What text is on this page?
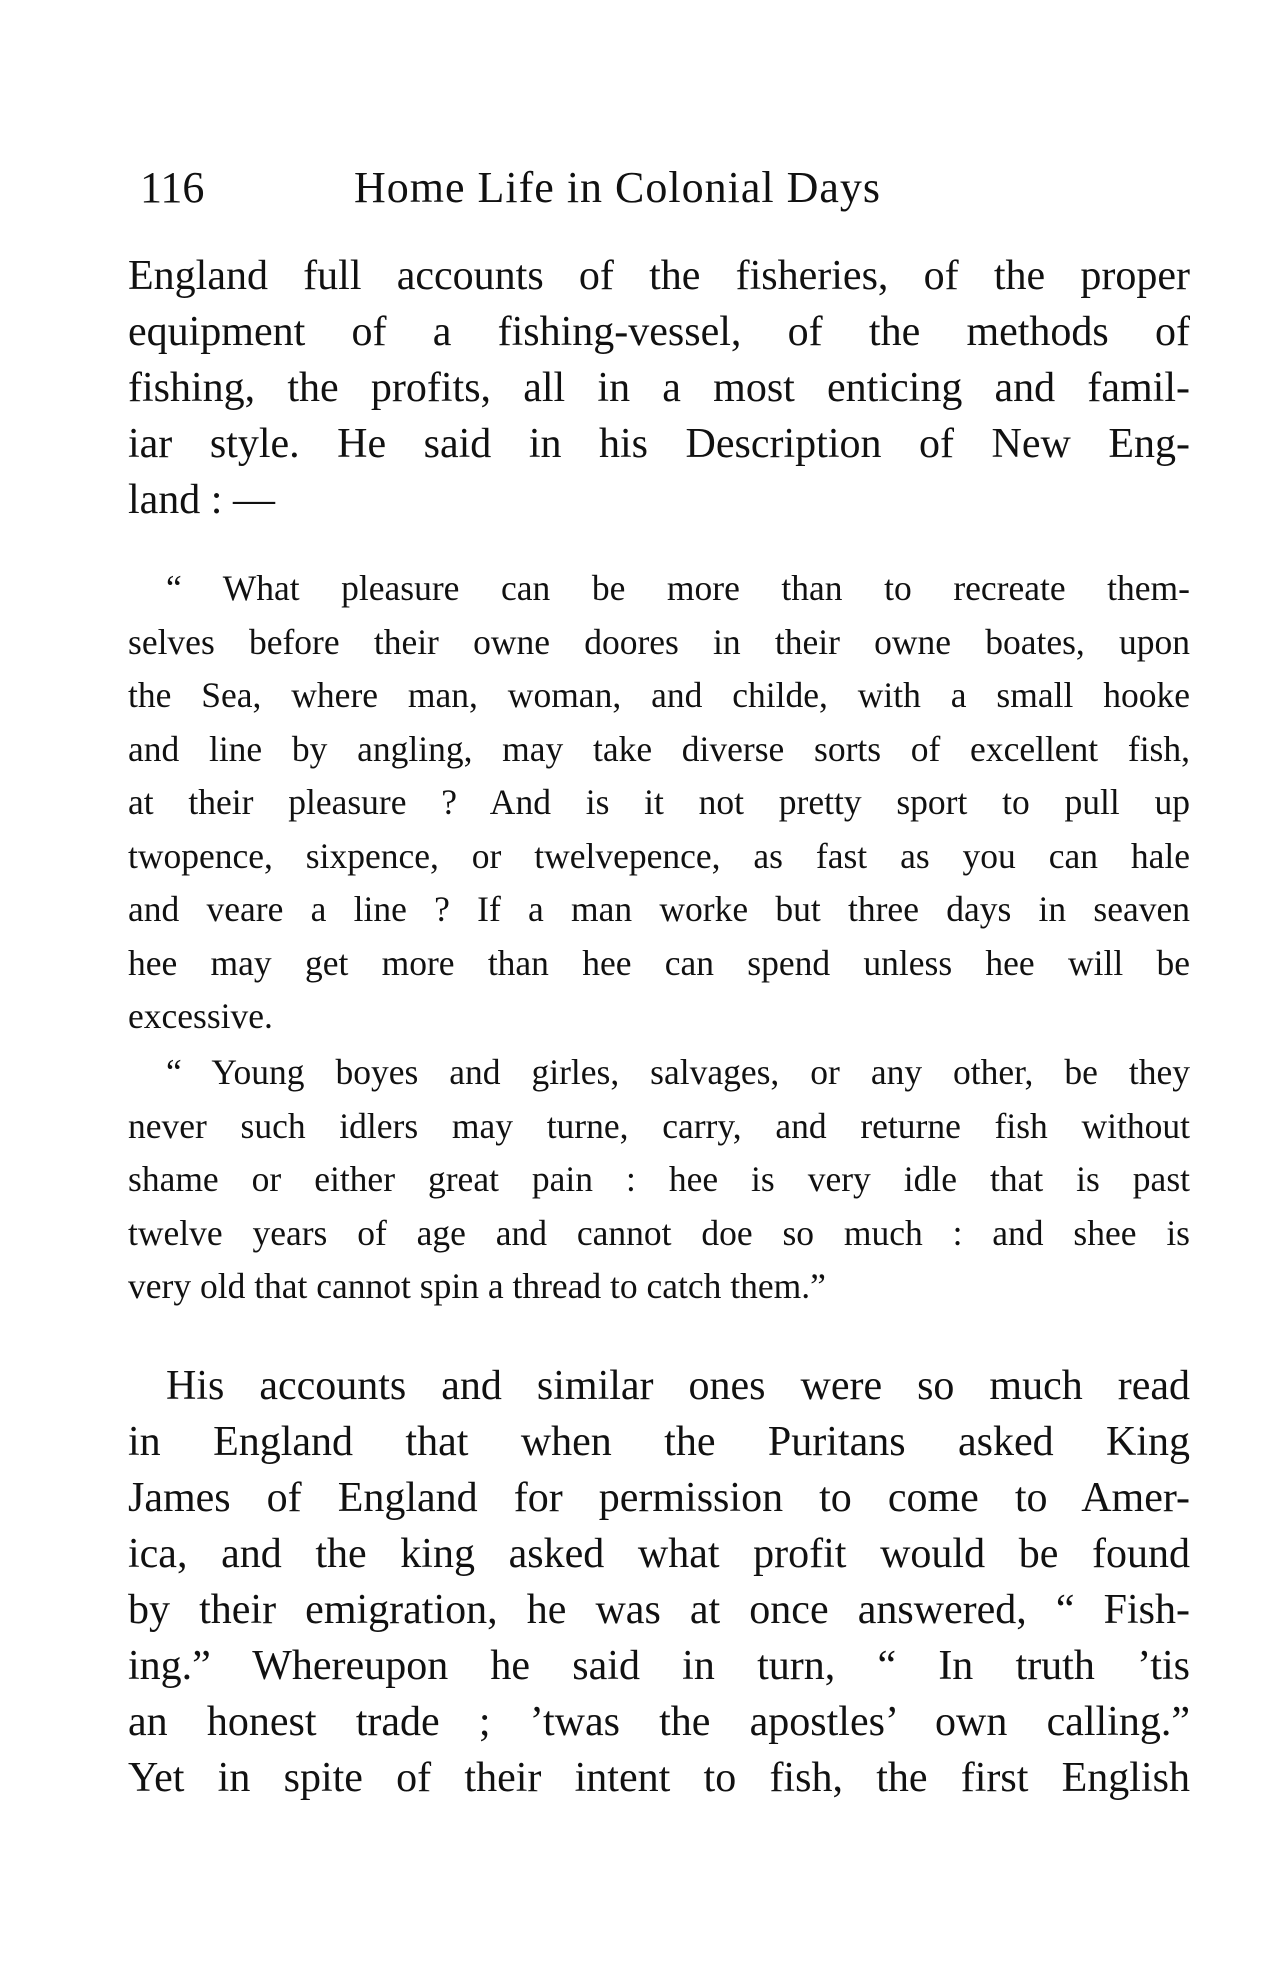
116	Home Life in Colonial Days
England full accounts of the fisheries, of the proper
equipment of a fishing-vessel, of the methods of
fishing, the profits, all in a most enticing and famil-
iar style. He said in his Description of New Eng-
land : —
“ What pleasure can be more than to recreate them-
selves before their owne doores in their owne boates, upon
the Sea, where man, woman, and childe, with a small hooke
and line by angling, may take diverse sorts of excellent fish,
at their pleasure ? And is it not pretty sport to pull up
twopence, sixpence, or twelvepence, as fast as you can hale
and veare a line ? If a man worke but three days in seaven
hee may get more than hee can spend unless hee will be
excessive.
“ Young boyes and girles, salvages, or any other, be they
never such idlers may turne, carry, and returne fish without
shame or either great pain : hee is very idle that is past
twelve years of age and cannot doe so much : and shee is
very old that cannot spin a thread to catch them.”
His accounts and similar ones were so much read
in England that when the Puritans asked King
James of England for permission to come to Amer-
ica, and the king asked what profit would be found
by their emigration, he was at once answered, “ Fish-
ing.” Whereupon he said in turn, “ In truth ’tis
an honest trade ; ’twas the apostles’ own calling.”
Yet in spite of their intent to fish, the first English
